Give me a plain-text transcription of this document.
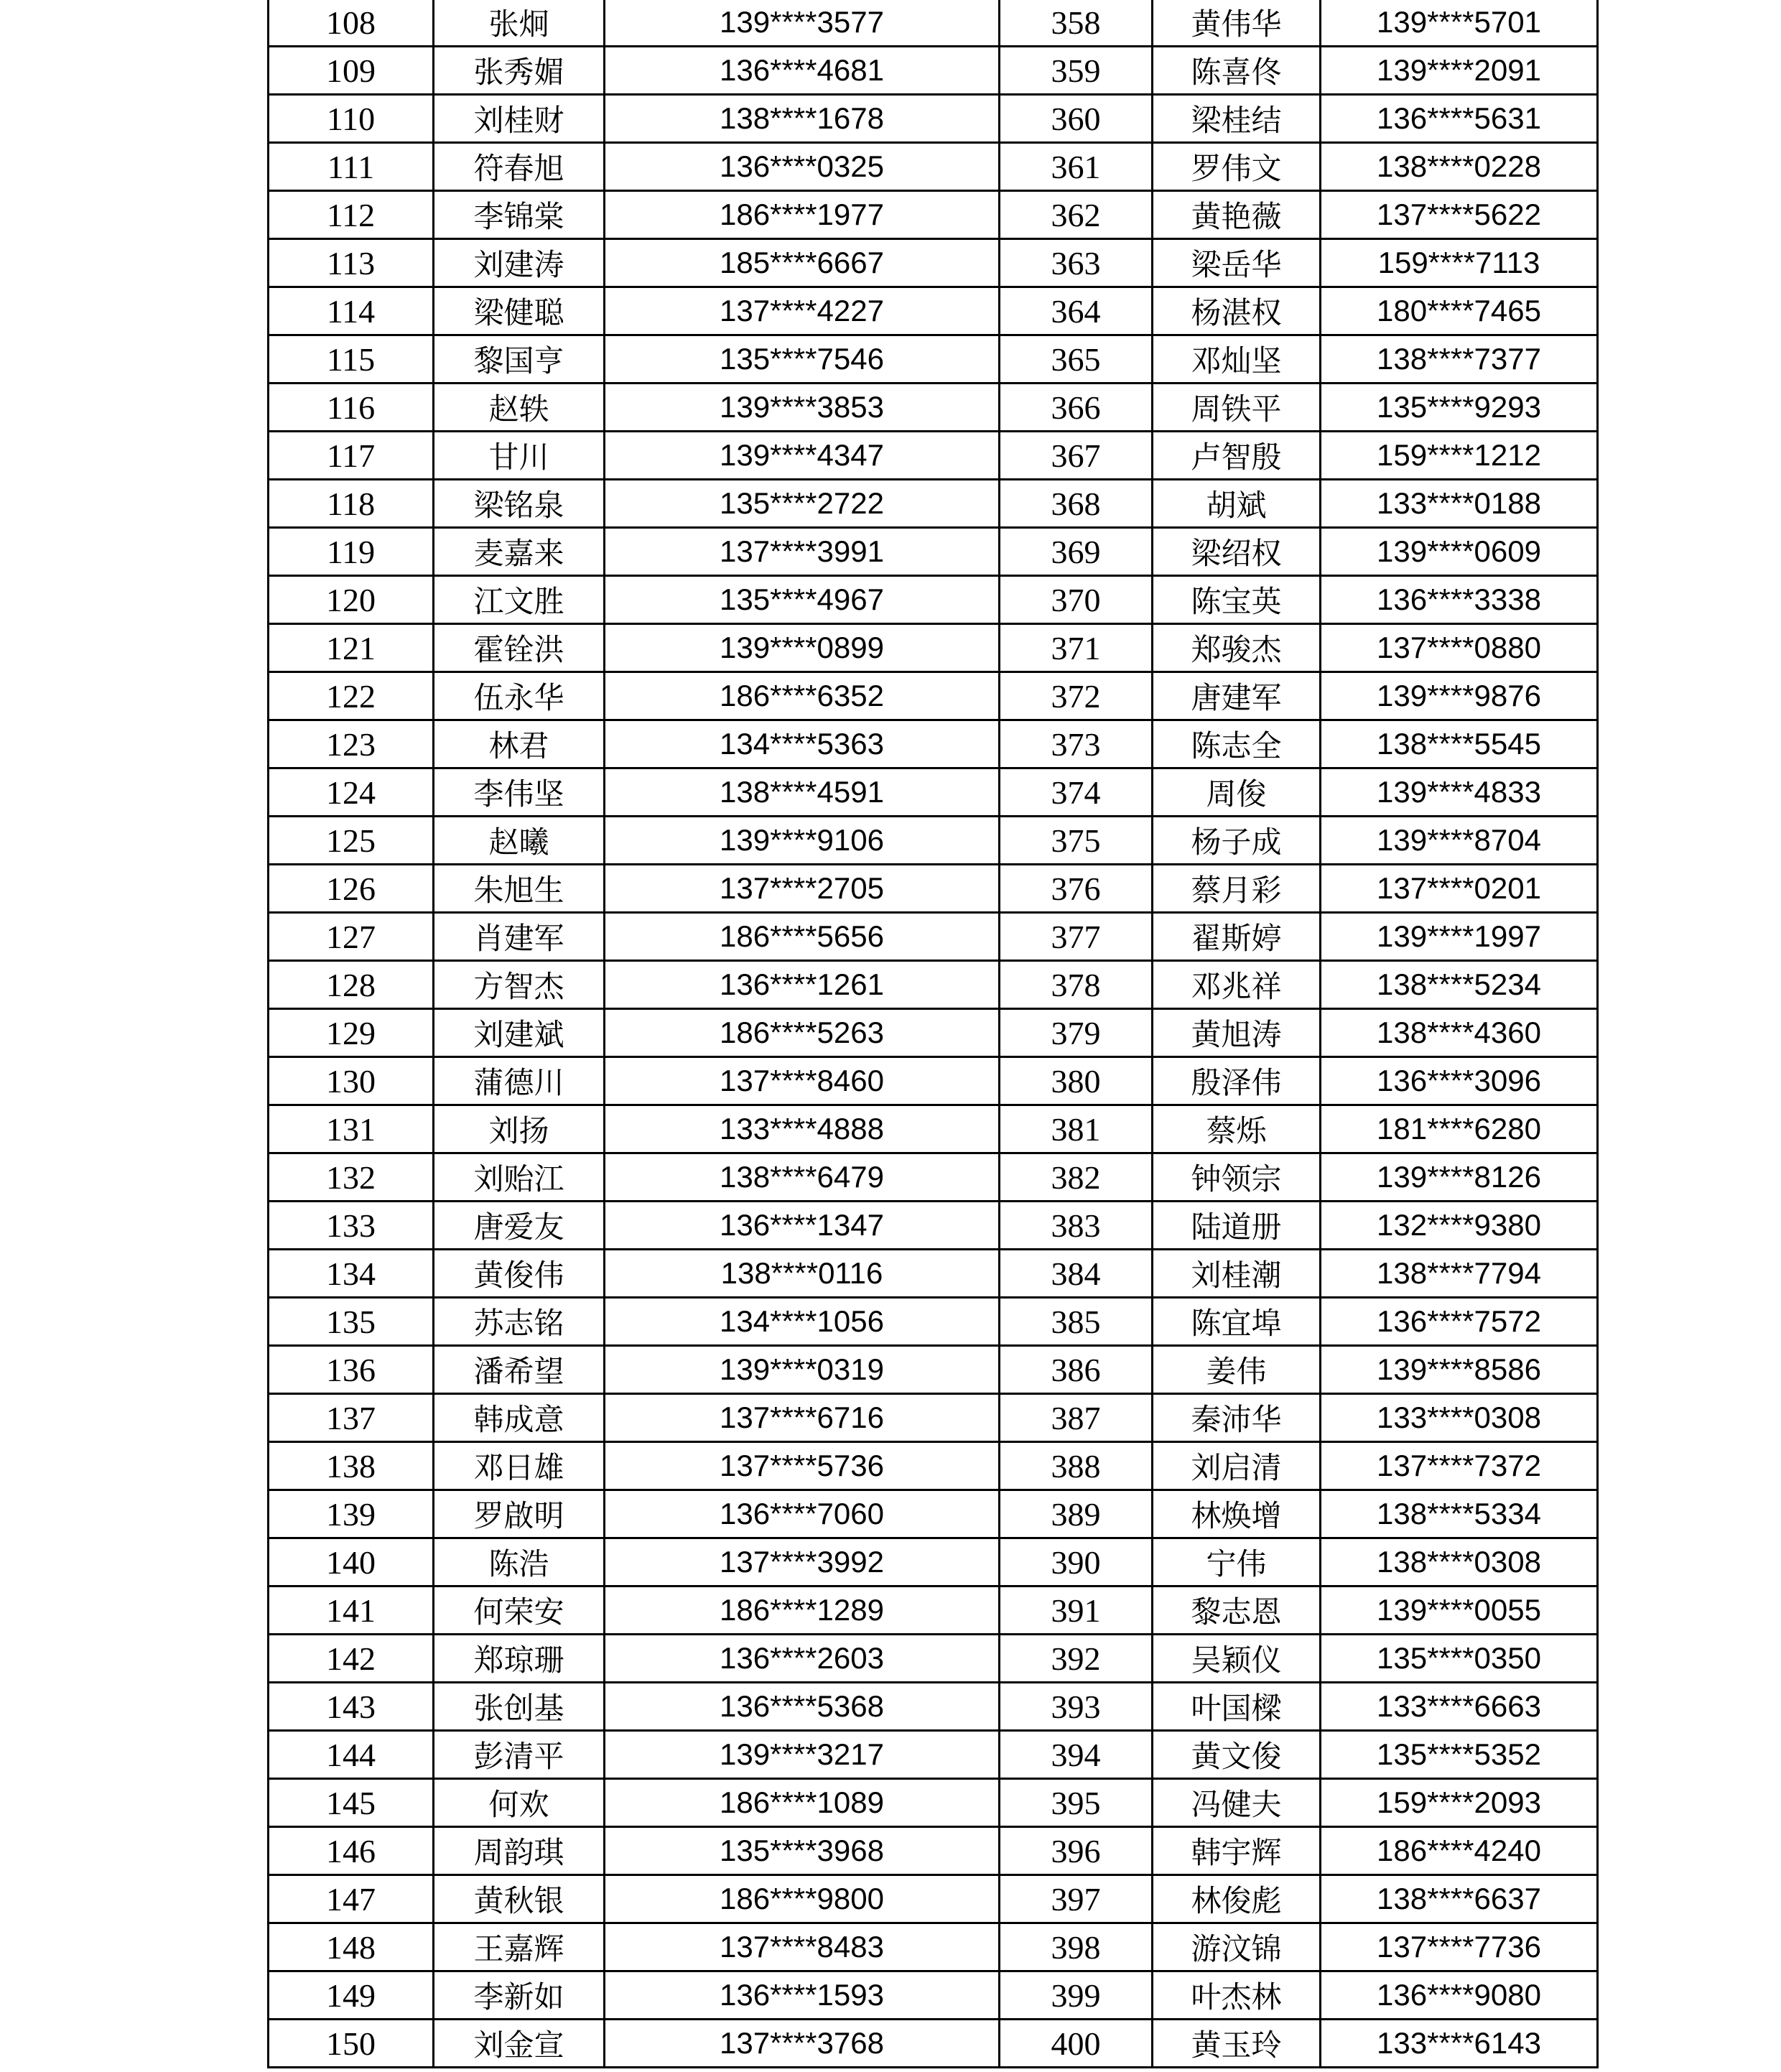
108	张炯	139****3577	358	黄伟华	139****5701
109	张秀媚	136****4681	359	陈喜佟	139****2091
110	刘桂财	138****1678	360	梁桂结	136****5631
111	符春旭	136****0325	361	罗伟文	138****0228
112	李锦棠	186****1977	362	黄艳薇	137****5622
113	刘建涛	185****6667	363	梁岳华	159****7113
114	梁健聪	137****4227	364	杨湛权	180****7465
115	黎国亨	135****7546	365	邓灿坚	138****7377
116	赵轶	139****3853	366	周铁平	135****9293
117	甘川	139****4347	367	卢智殷	159****1212
118	梁铭泉	135****2722	368	胡斌	133****0188
119	麦嘉来	137****3991	369	梁绍权	139****0609
120	江文胜	135****4967	370	陈宝英	136****3338
121	霍铨洪	139****0899	371	郑骏杰	137****0880
122	伍永华	186****6352	372	唐建军	139****9876
123	林君	134****5363	373	陈志全	138****5545
124	李伟坚	138****4591	374	周俊	139****4833
125	赵曦	139****9106	375	杨子成	139****8704
126	朱旭生	137****2705	376	蔡月彩	137****0201
127	肖建军	186****5656	377	翟斯婷	139****1997
128	方智杰	136****1261	378	邓兆祥	138****5234
129	刘建斌	186****5263	379	黄旭涛	138****4360
130	蒲德川	137****8460	380	殷泽伟	136****3096
131	刘扬	133****4888	381	蔡烁	181****6280
132	刘贻江	138****6479	382	钟领宗	139****8126
133	唐爱友	136****1347	383	陆道册	132****9380
134	黄俊伟	138****0116	384	刘桂潮	138****7794
135	苏志铭	134****1056	385	陈宜埠	136****7572
136	潘希望	139****0319	386	姜伟	139****8586
137	韩成意	137****6716	387	秦沛华	133****0308
138	邓日雄	137****5736	388	刘启清	137****7372
139	罗啟明	136****7060	389	林焕增	138****5334
140	陈浩	137****3992	390	宁伟	138****0308
141	何荣安	186****1289	391	黎志恩	139****0055
142	郑琼珊	136****2603	392	吴颖仪	135****0350
143	张创基	136****5368	393	叶国樑	133****6663
144	彭清平	139****3217	394	黄文俊	135****5352
145	何欢	186****1089	395	冯健夫	159****2093
146	周韵琪	135****3968	396	韩宇辉	186****4240
147	黄秋银	186****9800	397	林俊彪	138****6637
148	王嘉辉	137****8483	398	游汶锦	137****7736
149	李新如	136****1593	399	叶杰林	136****9080
150	刘金宣	137****3768	400	黄玉玲	133****6143
